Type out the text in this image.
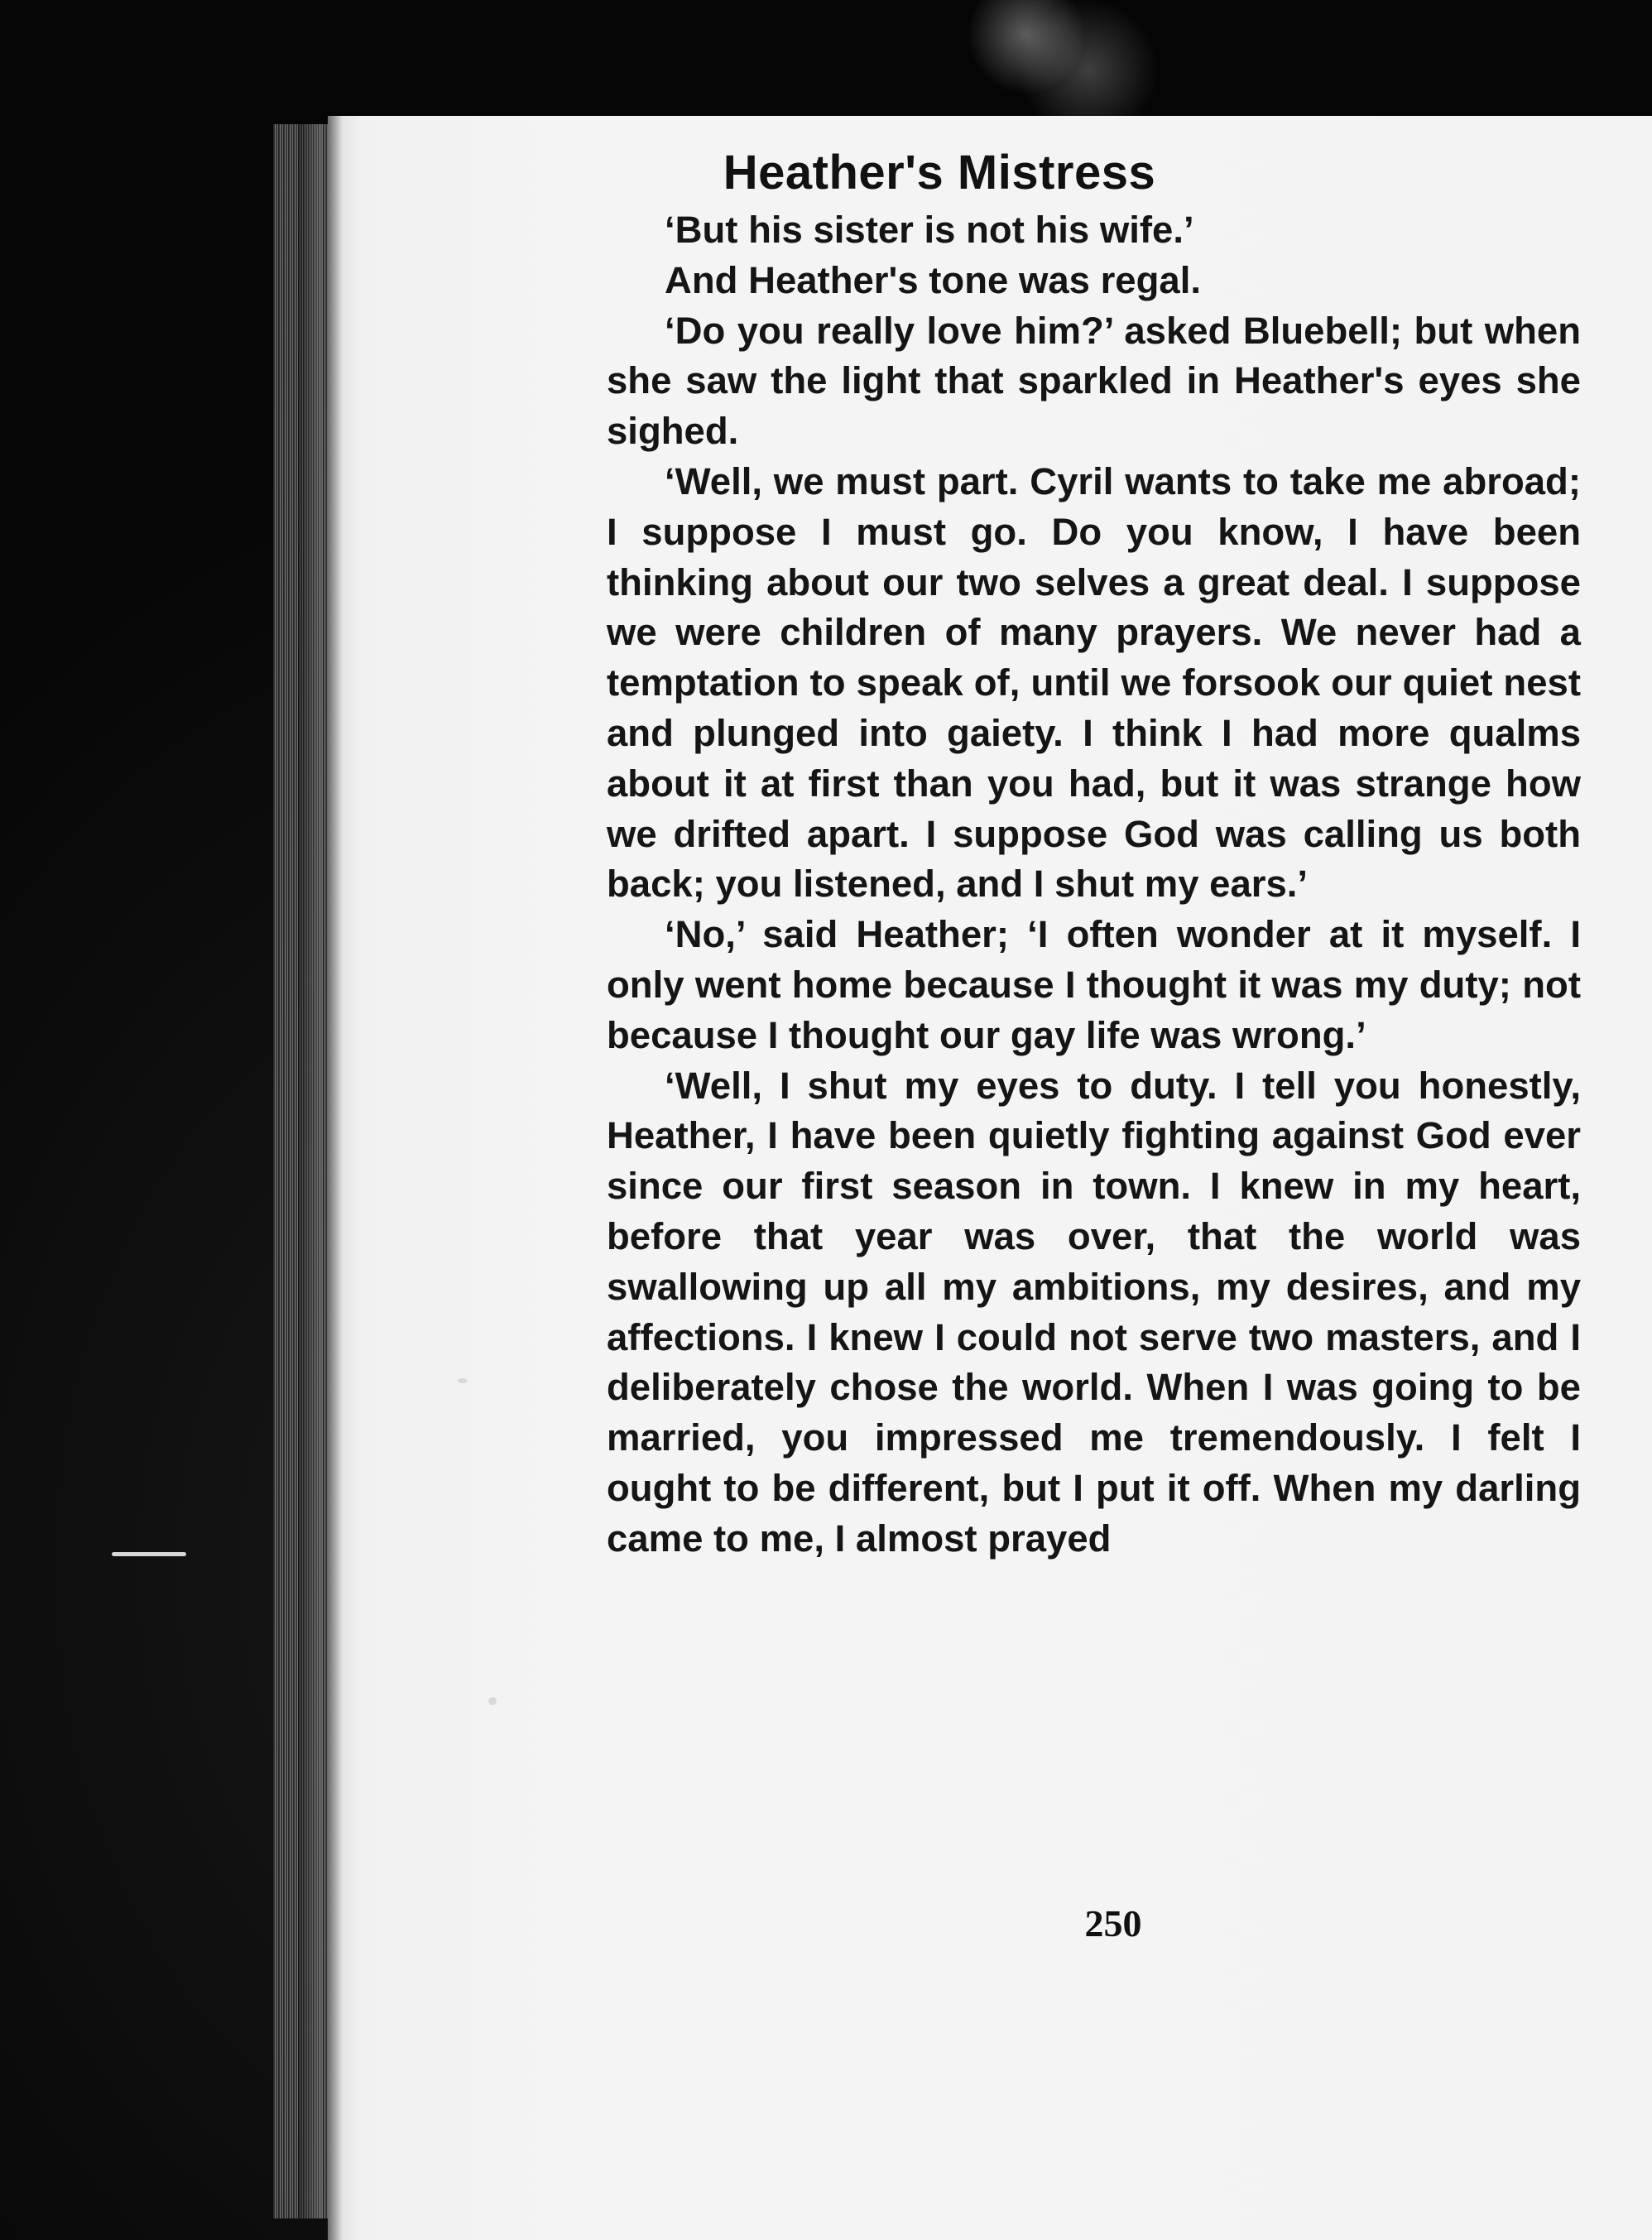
Heather's Mistress

‘But his sister is not his wife.’

And Heather's tone was regal.

‘Do you really love him?’ asked Bluebell; but when she saw the light that sparkled in Heather's eyes she sighed.

‘Well, we must part. Cyril wants to take me abroad; I suppose I must go. Do you know, I have been thinking about our two selves a great deal. I suppose we were children of many prayers. We never had a temptation to speak of, until we forsook our quiet nest and plunged into gaiety. I think I had more qualms about it at first than you had, but it was strange how we drifted apart. I suppose God was calling us both back; you listened, and I shut my ears.’

‘No,’ said Heather; ‘I often wonder at it myself. I only went home because I thought it was my duty; not because I thought our gay life was wrong.’

‘Well, I shut my eyes to duty. I tell you honestly, Heather, I have been quietly fighting against God ever since our first season in town. I knew in my heart, before that year was over, that the world was swallowing up all my ambitions, my desires, and my affections. I knew I could not serve two masters, and I deliberately chose the world. When I was going to be married, you impressed me tremendously. I felt I ought to be different, but I put it off. When my darling came to me, I almost prayed

250
